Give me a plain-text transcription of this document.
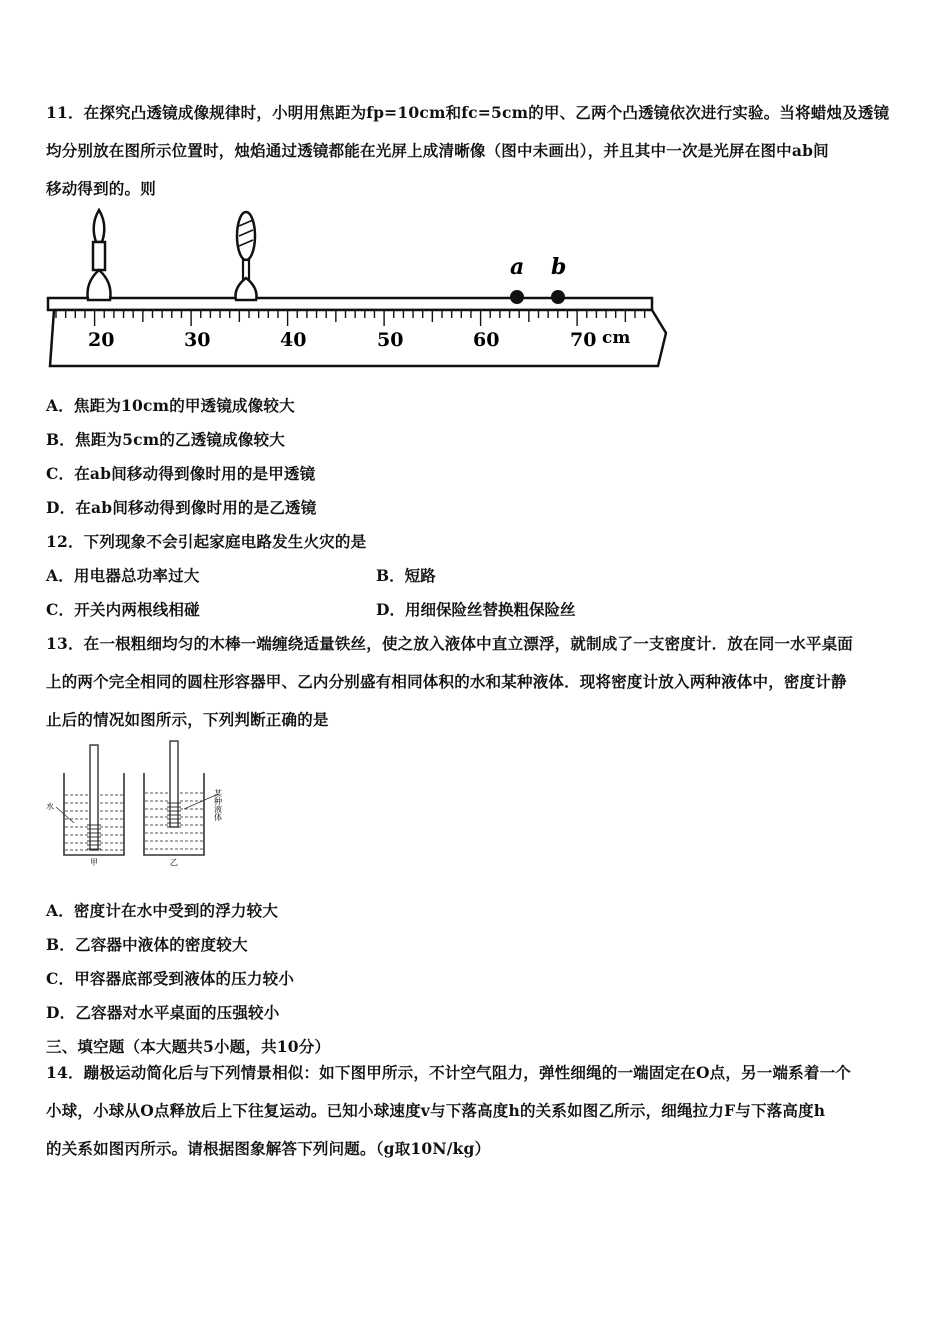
11．在探究凸透镜成像规律时，小明用焦距为fp=10cm和fc=5cm的甲、乙两个凸透镜依次进行实验。当将蜡烛及透镜
均分别放在图所示位置时，烛焰通过透镜都能在光屏上成清晰像（图中未画出），并且其中一次是光屏在图中ab间
移动得到的。则
a b
20	30	40	50	60	70 cm
A．焦距为10cm的甲透镜成像较大
B．焦距为5cm的乙透镜成像较大
C．在ab间移动得到像时用的是甲透镜
D．在ab间移动得到像时用的是乙透镜
12．下列现象不会引起家庭电路发生火灾的是
A．用电器总功率过大	B．短路
C．开关内两根线相碰	D．用细保险丝替换粗保险丝
13．在一根粗细均匀的木棒一端缠绕适量铁丝，使之放入液体中直立漂浮，就制成了一支密度计．放在同一水平桌面
上的两个完全相同的圆柱形容器甲、乙内分别盛有相同体积的水和某种液体．现将密度计放入两种液体中，密度计静
止后的情况如图所示，下列判断正确的是
水
甲
某种液体
乙
A．密度计在水中受到的浮力较大
B．乙容器中液体的密度较大
C．甲容器底部受到液体的压力较小
D．乙容器对水平桌面的压强较小
三、填空题（本大题共5小题，共10分）
14．蹦极运动简化后与下列情景相似：如下图甲所示，不计空气阻力，弹性细绳的一端固定在O点，另一端系着一个
小球，小球从O点释放后上下往复运动。已知小球速度v与下落高度h的关系如图乙所示，细绳拉力F与下落高度h
的关系如图丙所示。请根据图象解答下列问题。（g取10N/kg）
